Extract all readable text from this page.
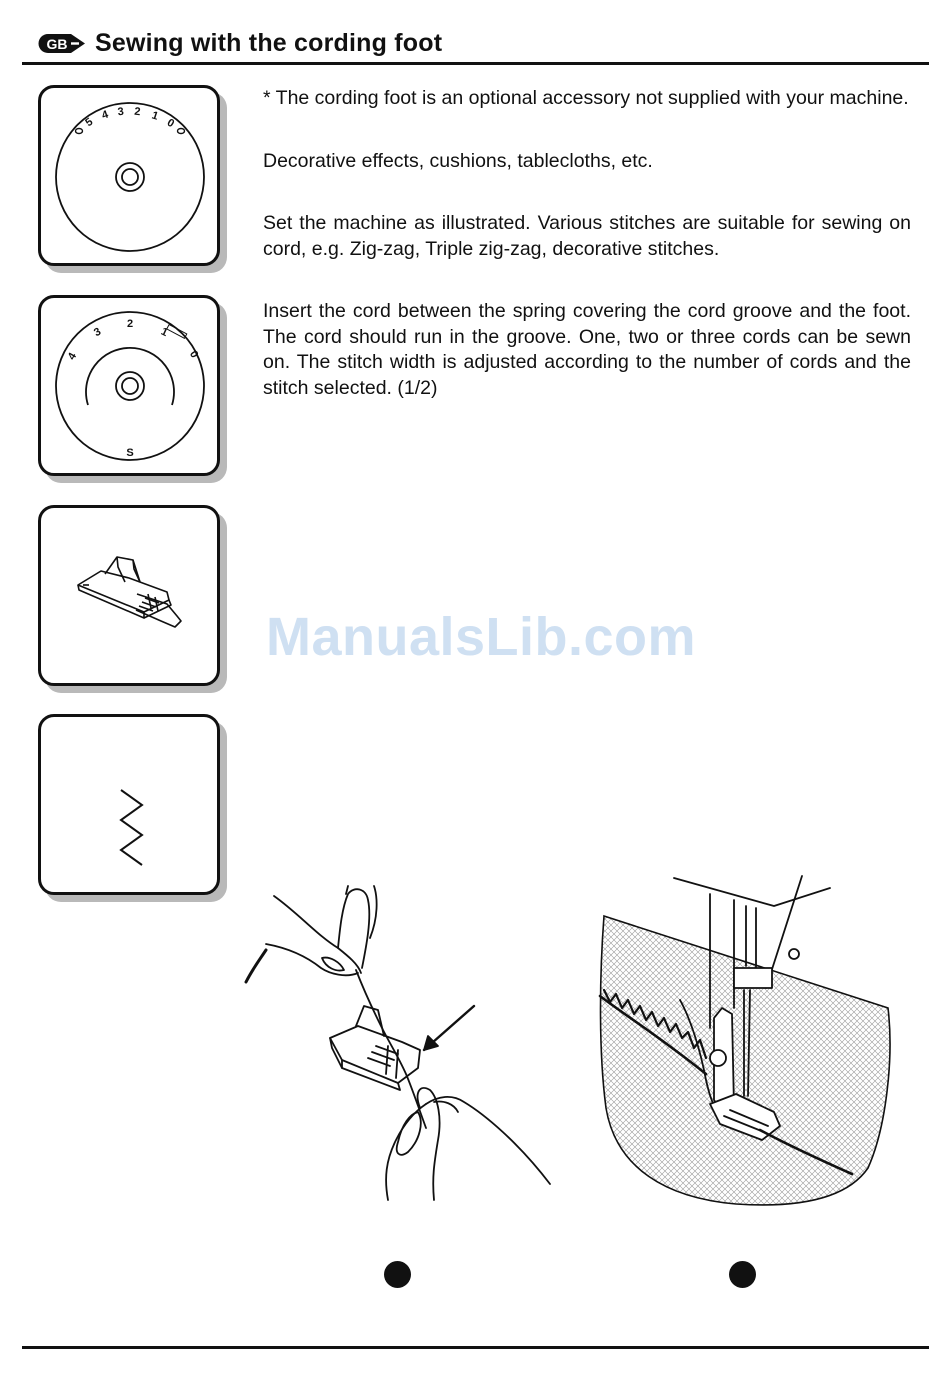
GB Sewing with the cording foot
5
4 3 2 1
0
4
3
2
1
0
S

* The cording foot is an optional accessory not supplied with your machine.

Decorative effects, cushions, tablecloths, etc.

Set the machine as illustrated. Various stitches are suitable for sewing on cord, e.g. Zig-zag, Triple zig-zag, decorative stitches.

Insert the cord between the spring covering the cord groove and the foot. The cord should run in the groove. One, two or three cords can be sewn on. The stitch width is adjusted according to the number of cords and the stitch selected. (1/2)

ManualsLib.com
